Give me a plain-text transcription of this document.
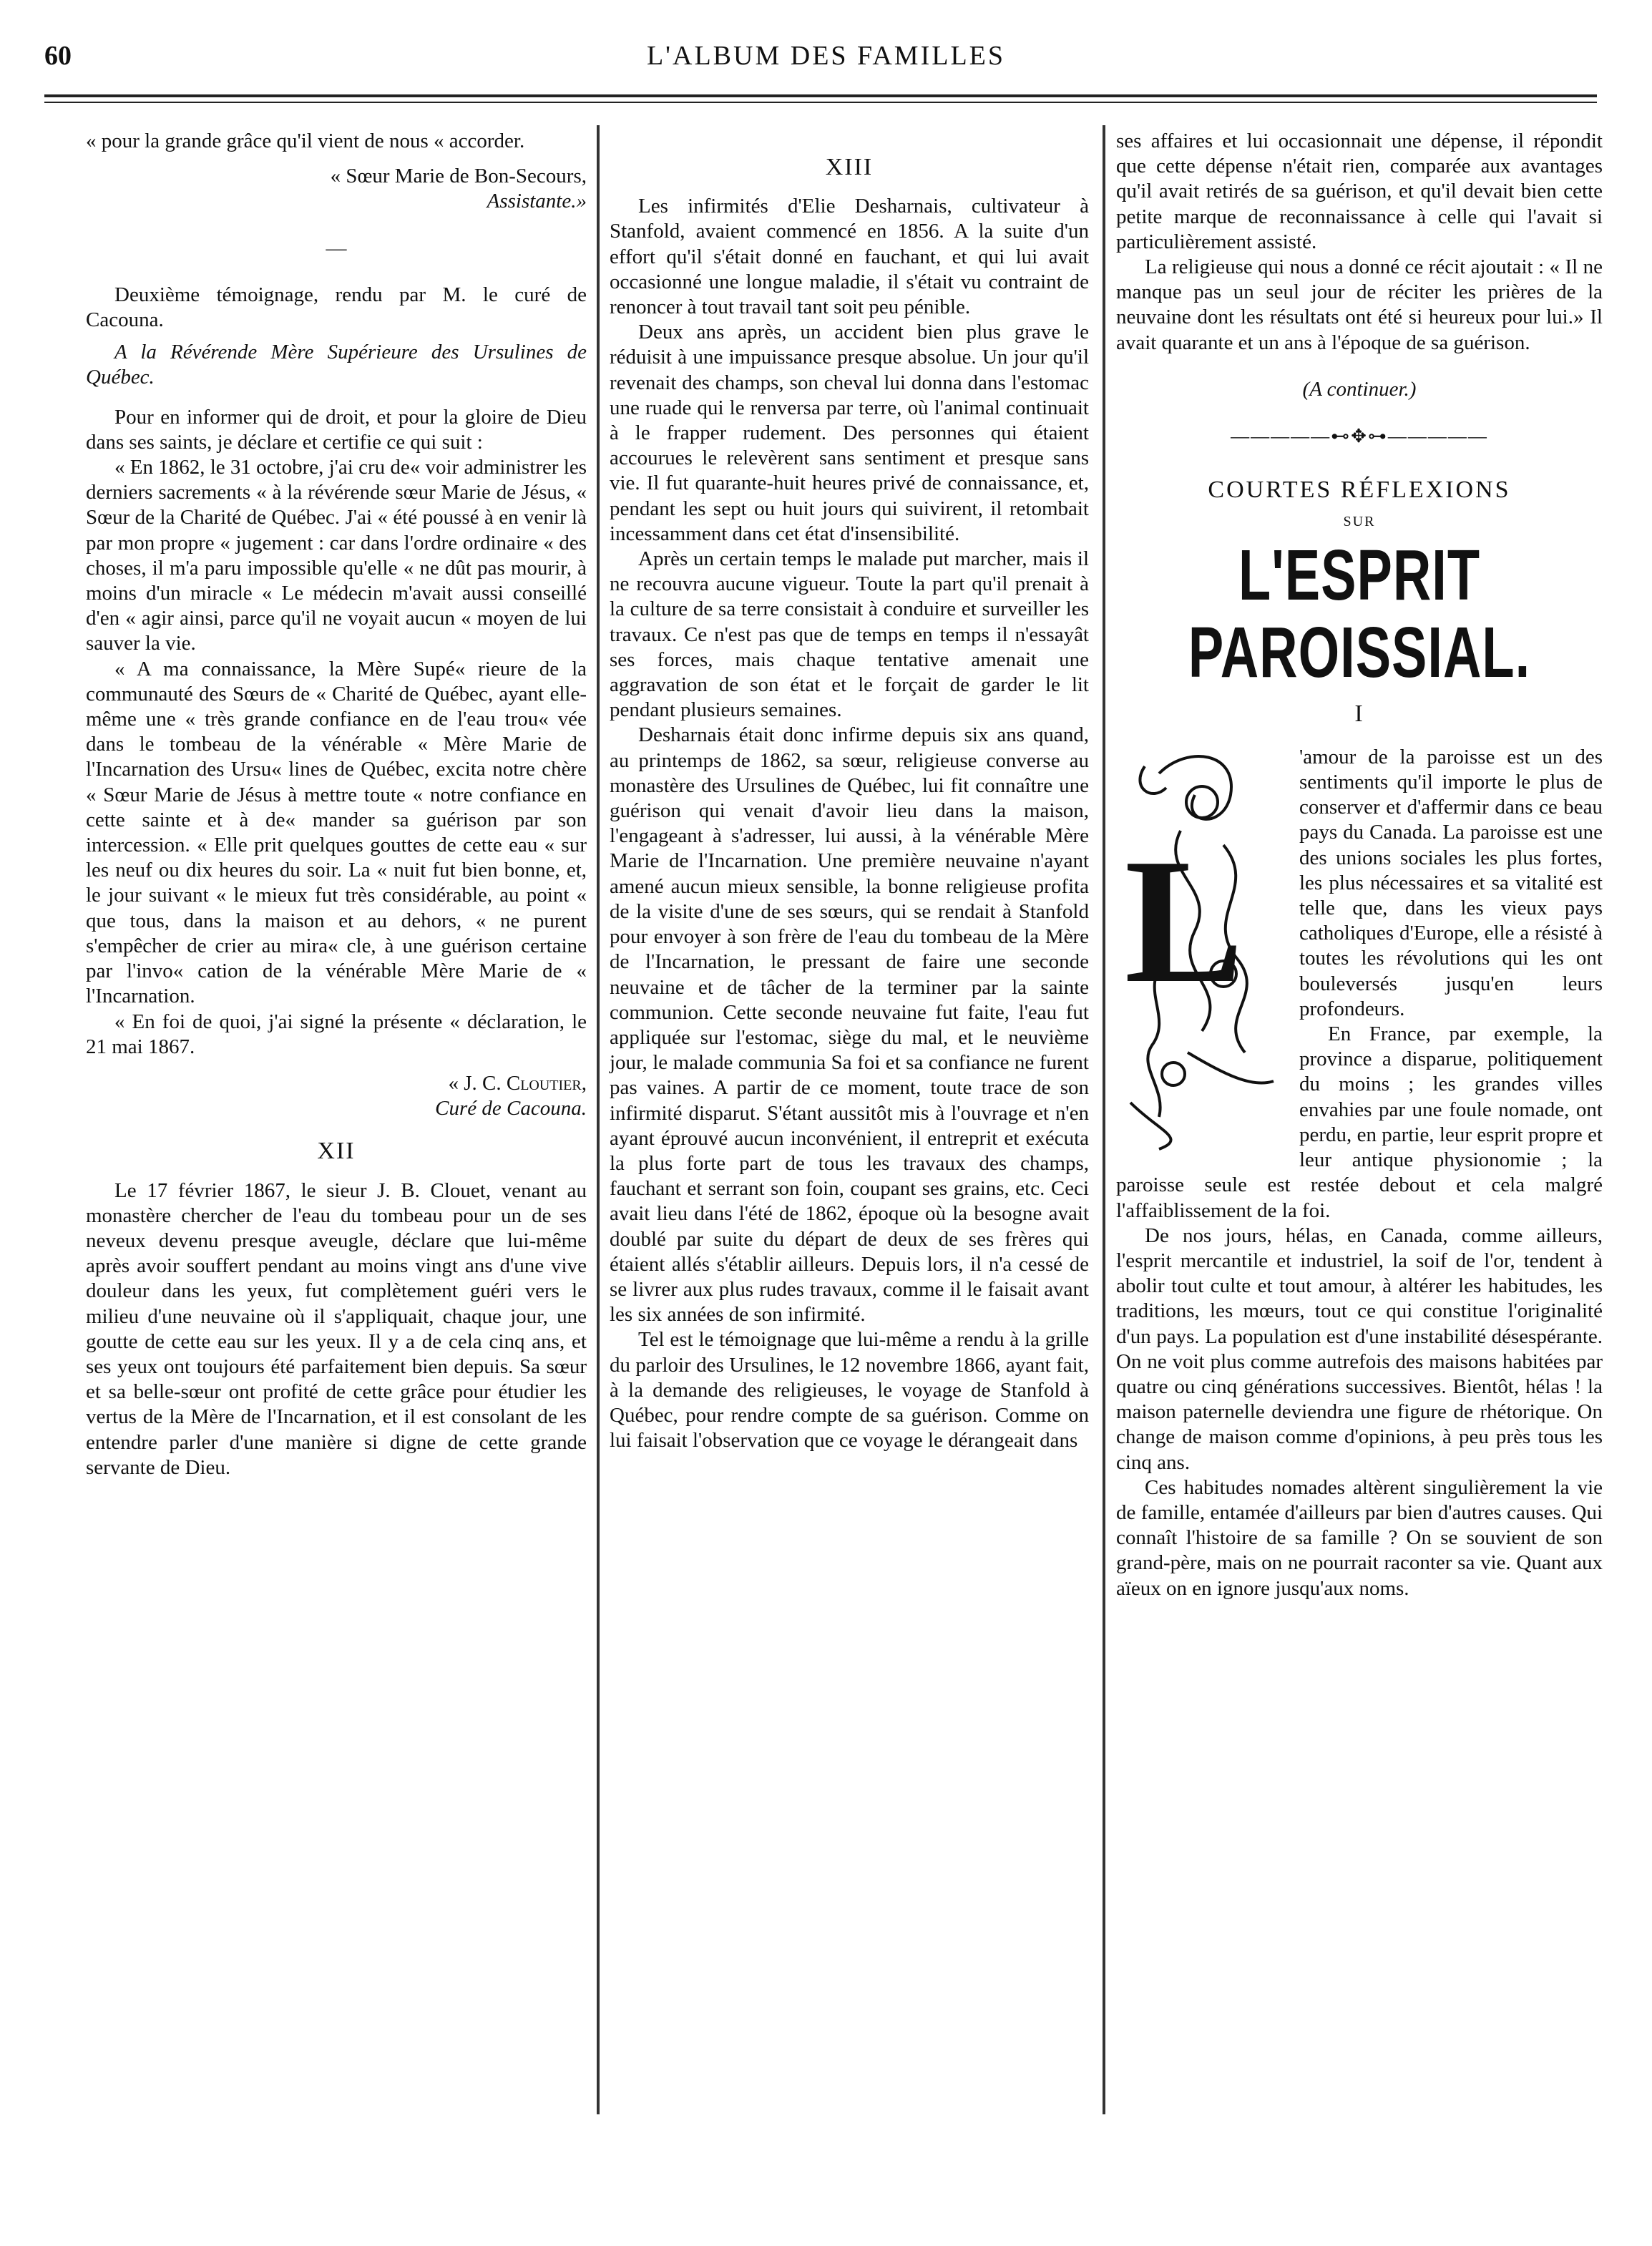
60	L'ALBUM DES FAMILLES

« pour la grande grâce qu'il vient de nous « accorder.

« Sœur Marie de Bon-Secours,

Assistante.»

—

Deuxième témoignage, rendu par M. le curé de Cacouna.

A la Révérende Mère Supérieure des Ursulines de Québec.

Pour en informer qui de droit, et pour la gloire de Dieu dans ses saints, je déclare et certifie ce qui suit :

« En 1862, le 31 octobre, j'ai cru de« voir administrer les derniers sacrements « à la révérende sœur Marie de Jésus, « Sœur de la Charité de Québec. J'ai « été poussé à en venir là par mon propre « jugement : car dans l'ordre ordinaire « des choses, il m'a paru impossible qu'elle « ne dût pas mourir, à moins d'un miracle « Le médecin m'avait aussi conseillé d'en « agir ainsi, parce qu'il ne voyait aucun « moyen de lui sauver la vie.

« A ma connaissance, la Mère Supé« rieure de la communauté des Sœurs de « Charité de Québec, ayant elle-même une « très grande confiance en de l'eau trou« vée dans le tombeau de la vénérable « Mère Marie de l'Incarnation des Ursu« lines de Québec, excita notre chère « Sœur Marie de Jésus à mettre toute « notre confiance en cette sainte et à de« mander sa guérison par son intercession. « Elle prit quelques gouttes de cette eau « sur les neuf ou dix heures du soir. La « nuit fut bien bonne, et, le jour suivant « le mieux fut très considérable, au point « que tous, dans la maison et au dehors, « ne purent s'empêcher de crier au mira« cle, à une guérison certaine par l'invo« cation de la vénérable Mère Marie de « l'Incarnation.

« En foi de quoi, j'ai signé la présente « déclaration, le 21 mai 1867.

« J. C. Cloutier,

Curé de Cacouna.

XII

Le 17 février 1867, le sieur J. B. Clouet, venant au monastère chercher de l'eau du tombeau pour un de ses neveux devenu presque aveugle, déclare que lui-même après avoir souffert pendant au moins vingt ans d'une vive douleur dans les yeux, fut complètement guéri vers le milieu d'une neuvaine où il s'appliquait, chaque jour, une goutte de cette eau sur les yeux. Il y a de cela cinq ans, et ses yeux ont toujours été parfaitement bien depuis. Sa sœur et sa belle-sœur ont profité de cette grâce pour étudier les vertus de la Mère de l'Incarnation, et il est consolant de les entendre parler d'une manière si digne de cette grande servante de Dieu.

XIII

Les infirmités d'Elie Desharnais, cultivateur à Stanfold, avaient commencé en 1856. A la suite d'un effort qu'il s'était donné en fauchant, et qui lui avait occasionné une longue maladie, il s'était vu contraint de renoncer à tout travail tant soit peu pénible.

Deux ans après, un accident bien plus grave le réduisit à une impuissance presque absolue. Un jour qu'il revenait des champs, son cheval lui donna dans l'estomac une ruade qui le renversa par terre, où l'animal continuait à le frapper rudement. Des personnes qui étaient accourues le relevèrent sans sentiment et presque sans vie. Il fut quarante-huit heures privé de connaissance, et, pendant les sept ou huit jours qui suivirent, il retombait incessamment dans cet état d'insensibilité.

Après un certain temps le malade put marcher, mais il ne recouvra aucune vigueur. Toute la part qu'il prenait à la culture de sa terre consistait à conduire et surveiller les travaux. Ce n'est pas que de temps en temps il n'essayât ses forces, mais chaque tentative amenait une aggravation de son état et le forçait de garder le lit pendant plusieurs semaines.

Desharnais était donc infirme depuis six ans quand, au printemps de 1862, sa sœur, religieuse converse au monastère des Ursulines de Québec, lui fit connaître une guérison qui venait d'avoir lieu dans la maison, l'engageant à s'adresser, lui aussi, à la vénérable Mère Marie de l'Incarnation. Une première neuvaine n'ayant amené aucun mieux sensible, la bonne religieuse profita de la visite d'une de ses sœurs, qui se rendait à Stanfold pour envoyer à son frère de l'eau du tombeau de la Mère de l'Incarnation, le pressant de faire une seconde neuvaine et de tâcher de la terminer par la sainte communion. Cette seconde neuvaine fut faite, l'eau fut appliquée sur l'estomac, siège du mal, et le neuvième jour, le malade communia Sa foi et sa confiance ne furent pas vaines. A partir de ce moment, toute trace de son infirmité disparut. S'étant aussitôt mis à l'ouvrage et n'en ayant éprouvé aucun inconvénient, il entreprit et exécuta la plus forte part de tous les travaux des champs, fauchant et serrant son foin, coupant ses grains, etc. Ceci avait lieu dans l'été de 1862, époque où la besogne avait doublé par suite du départ de deux de ses frères qui étaient allés s'établir ailleurs. Depuis lors, il n'a cessé de se livrer aux plus rudes travaux, comme il le faisait avant les six années de son infirmité.

Tel est le témoignage que lui-même a rendu à la grille du parloir des Ursulines, le 12 novembre 1866, ayant fait, à la demande des religieuses, le voyage de Stanfold à Québec, pour rendre compte de sa guérison. Comme on lui faisait l'observation que ce voyage le dérangeait dans

ses affaires et lui occasionnait une dépense, il répondit que cette dépense n'était rien, comparée aux avantages qu'il avait retirés de sa guérison, et qu'il devait bien cette petite marque de reconnaissance à celle qui l'avait si particulièrement assisté.

La religieuse qui nous a donné ce récit ajoutait : « Il ne manque pas un seul jour de réciter les prières de la neuvaine dont les résultats ont été si heureux pour lui.» Il avait quarante et un ans à l'époque de sa guérison.

(A continuer.)
—————⊷✥⊶—————
COURTES RÉFLEXIONS
SUR
L'ESPRIT PAROISSIAL.
I
L

'amour de la paroisse est un des sentiments qu'il importe le plus de conserver et d'affermir dans ce beau pays du Canada. La paroisse est une des unions sociales les plus fortes, les plus nécessaires et sa vitalité est telle que, dans les vieux pays catholiques d'Europe, elle a résisté à toutes les révolutions qui les ont bouleversés jusqu'en leurs profondeurs.

En France, par exemple, la province a disparue, politiquement du moins ; les grandes villes envahies par une foule nomade, ont perdu, en partie, leur esprit propre et leur antique physionomie ; la paroisse seule est restée debout et cela malgré l'affaiblissement de la foi.

De nos jours, hélas, en Canada, comme ailleurs, l'esprit mercantile et industriel, la soif de l'or, tendent à abolir tout culte et tout amour, à altérer les habitudes, les traditions, les mœurs, tout ce qui constitue l'originalité d'un pays. La population est d'une instabilité désespérante. On ne voit plus comme autrefois des maisons habitées par quatre ou cinq générations successives. Bientôt, hélas ! la maison paternelle deviendra une figure de rhétorique. On change de maison comme d'opinions, à peu près tous les cinq ans.

Ces habitudes nomades altèrent singulièrement la vie de famille, entamée d'ailleurs par bien d'autres causes. Qui connaît l'histoire de sa famille ? On se souvient de son grand-père, mais on ne pourrait raconter sa vie. Quant aux aïeux on en ignore jusqu'aux noms.
